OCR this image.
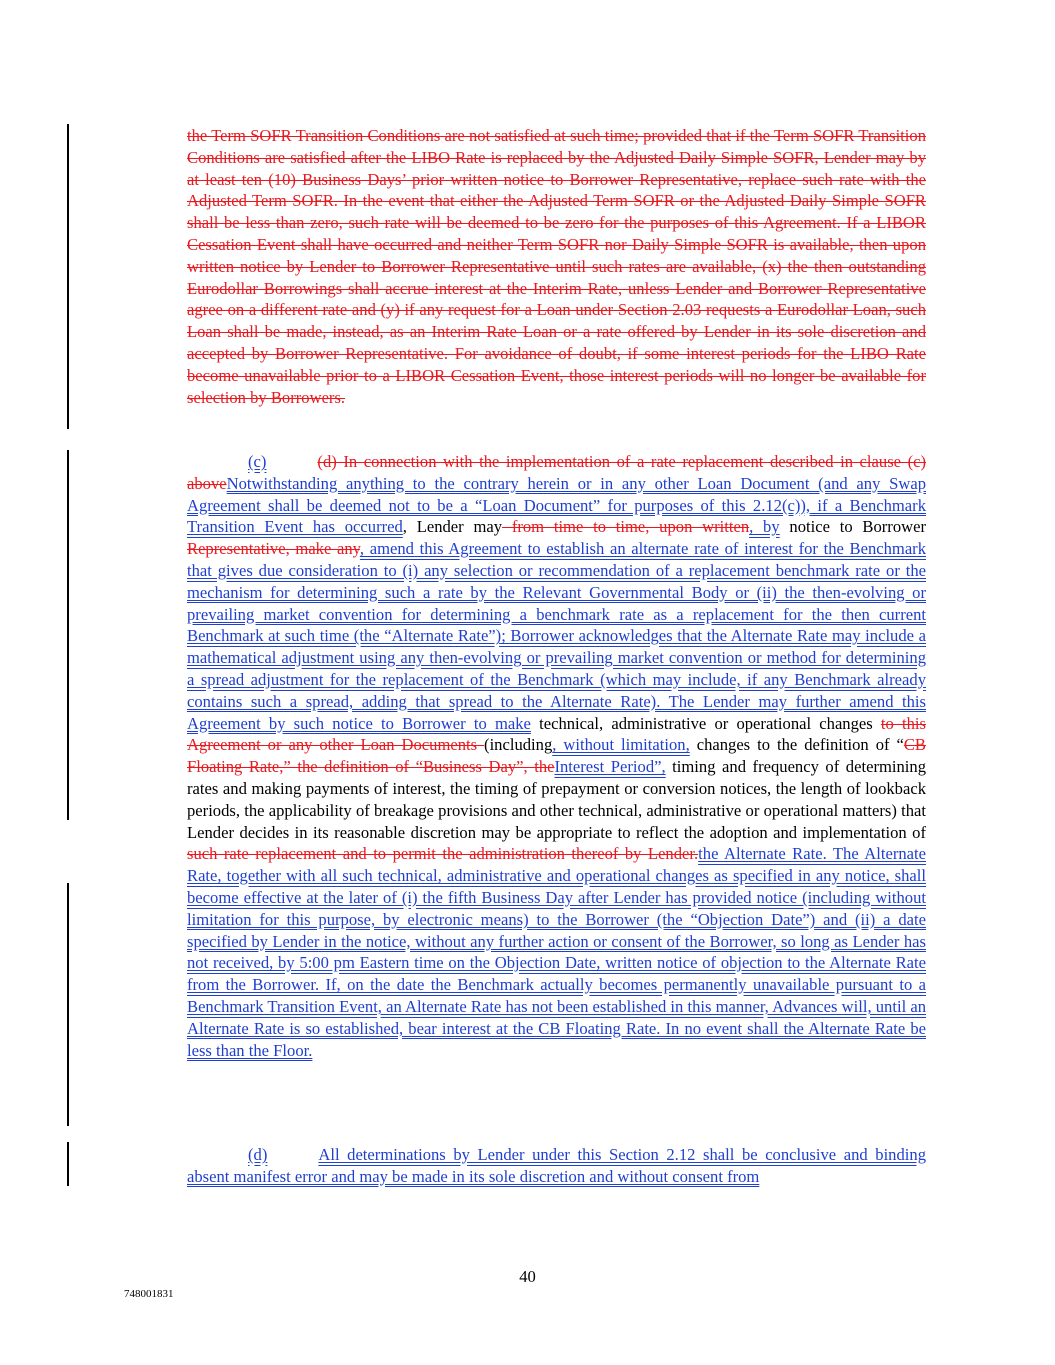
the Term SOFR Transition Conditions are not satisfied at such time; provided that if the Term SOFR Transition Conditions are satisfied after the LIBO Rate is replaced by the Adjusted Daily Simple SOFR, Lender may by at least ten (10) Business Days’ prior written notice to Borrower Representative, replace such rate with the Adjusted Term SOFR. In the event that either the Adjusted Term SOFR or the Adjusted Daily Simple SOFR shall be less than zero, such rate will be deemed to be zero for the purposes of this Agreement. If a LIBOR Cessation Event shall have occurred and neither Term SOFR nor Daily Simple SOFR is available, then upon written notice by Lender to Borrower Representative until such rates are available, (x) the then outstanding Eurodollar Borrowings shall accrue interest at the Interim Rate, unless Lender and Borrower Representative agree on a different rate and (y) if any request for a Loan under Section 2.03 requests a Eurodollar Loan, such Loan shall be made, instead, as an Interim Rate Loan or a rate offered by Lender in its sole discretion and accepted by Borrower Representative. For avoidance of doubt, if some interest periods for the LIBO Rate become unavailable prior to a LIBOR Cessation Event, those interest periods will no longer be available for selection by Borrowers.

(c)	(d) In connection with the implementation of a rate replacement described in clause (c) aboveNotwithstanding anything to the contrary herein or in any other Loan Document (and any Swap Agreement shall be deemed not to be a “Loan Document” for purposes of this 2.12(c)), if a Benchmark Transition Event has occurred, Lender may from time to time, upon written, by notice to Borrower Representative, make any, amend this Agreement to establish an alternate rate of interest for the Benchmark that gives due consideration to (i) any selection or recommendation of a replacement benchmark rate or the mechanism for determining such a rate by the Relevant Governmental Body or (ii) the then-evolving or prevailing market convention for determining a benchmark rate as a replacement for the then current Benchmark at such time (the “Alternate Rate”); Borrower acknowledges that the Alternate Rate may include a mathematical adjustment using any then-evolving or prevailing market convention or method for determining a spread adjustment for the replacement of the Benchmark (which may include, if any Benchmark already contains such a spread, adding that spread to the Alternate Rate). The Lender may further amend this Agreement by such notice to Borrower to make technical, administrative or operational changes to this Agreement or any other Loan Documents (including, without limitation, changes to the definition of “CB Floating Rate,” the definition of “Business Day”, theInterest Period”, timing and frequency of determining rates and making payments of interest, the timing of prepayment or conversion notices, the length of lookback periods, the applicability of breakage provisions and other technical, administrative or operational matters) that Lender decides in its reasonable discretion may be appropriate to reflect the adoption and implementation of such rate replacement and to permit the administration thereof by Lender.the Alternate Rate. The Alternate Rate, together with all such technical, administrative and operational changes as specified in any notice, shall become effective at the later of (i) the fifth Business Day after Lender has provided notice (including without limitation for this purpose, by electronic means) to the Borrower (the “Objection Date”) and (ii) a date specified by Lender in the notice, without any further action or consent of the Borrower, so long as Lender has not received, by 5:00 pm Eastern time on the Objection Date, written notice of objection to the Alternate Rate from the Borrower. If, on the date the Benchmark actually becomes permanently unavailable pursuant to a Benchmark Transition Event, an Alternate Rate has not been established in this manner, Advances will, until an Alternate Rate is so established, bear interest at the CB Floating Rate. In no event shall the Alternate Rate be less than the Floor.

(d)	All determinations by Lender under this Section 2.12 shall be conclusive and binding absent manifest error and may be made in its sole discretion and without consent from

40
748001831
